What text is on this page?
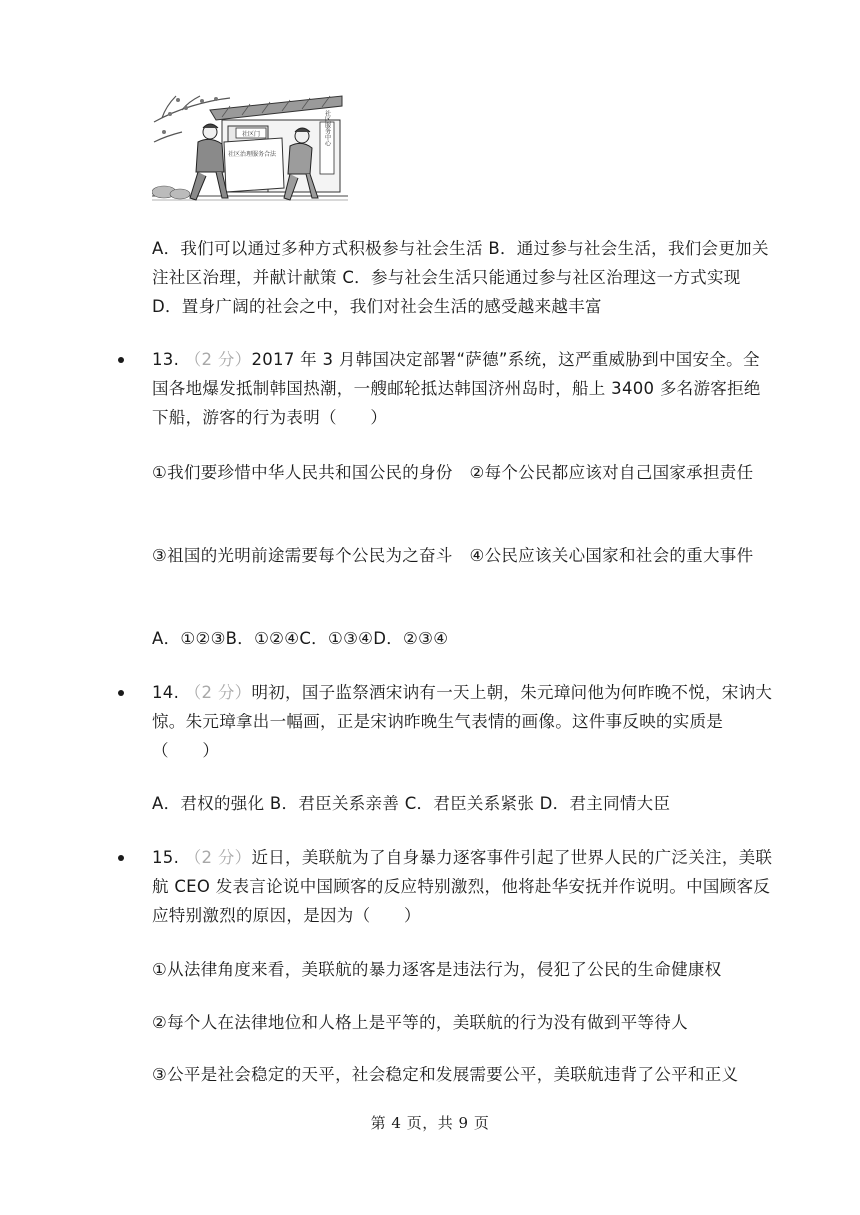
社区门	社区服务中心
社区治理服务合法

A．我们可以通过多种方式积极参与社会生活 B．通过参与社会生活，我们会更加关注社区治理，并献计献策 C．参与社会生活只能通过参与社区治理这一方式实现 D．置身广阔的社会之中，我们对社会生活的感受越来越丰富

13. （2 分）2017 年 3 月韩国决定部署“萨德”系统，这严重威胁到中国安全。全国各地爆发抵制韩国热潮，一艘邮轮抵达韩国济州岛时，船上 3400 多名游客拒绝下船，游客的行为表明（　　）

①我们要珍惜中华人民共和国公民的身份　②每个公民都应该对自己国家承担责任

③祖国的光明前途需要每个公民为之奋斗　④公民应该关心国家和社会的重大事件

A．①②③B．①②④C．①③④D．②③④

14. （2 分）明初，国子监祭酒宋讷有一天上朝，朱元璋问他为何昨晚不悦，宋讷大惊。朱元璋拿出一幅画，正是宋讷昨晚生气表情的画像。这件事反映的实质是（　　）

A．君权的强化 B．君臣关系亲善 C．君臣关系紧张 D．君主同情大臣

15. （2 分）近日，美联航为了自身暴力逐客事件引起了世界人民的广泛关注，美联航 CEO 发表言论说中国顾客的反应特别激烈，他将赴华安抚并作说明。中国顾客反应特别激烈的原因，是因为（　　）

①从法律角度来看，美联航的暴力逐客是违法行为，侵犯了公民的生命健康权

②每个人在法律地位和人格上是平等的，美联航的行为没有做到平等待人

③公平是社会稳定的天平，社会稳定和发展需要公平，美联航违背了公平和正义

第 4 页，共 9 页
